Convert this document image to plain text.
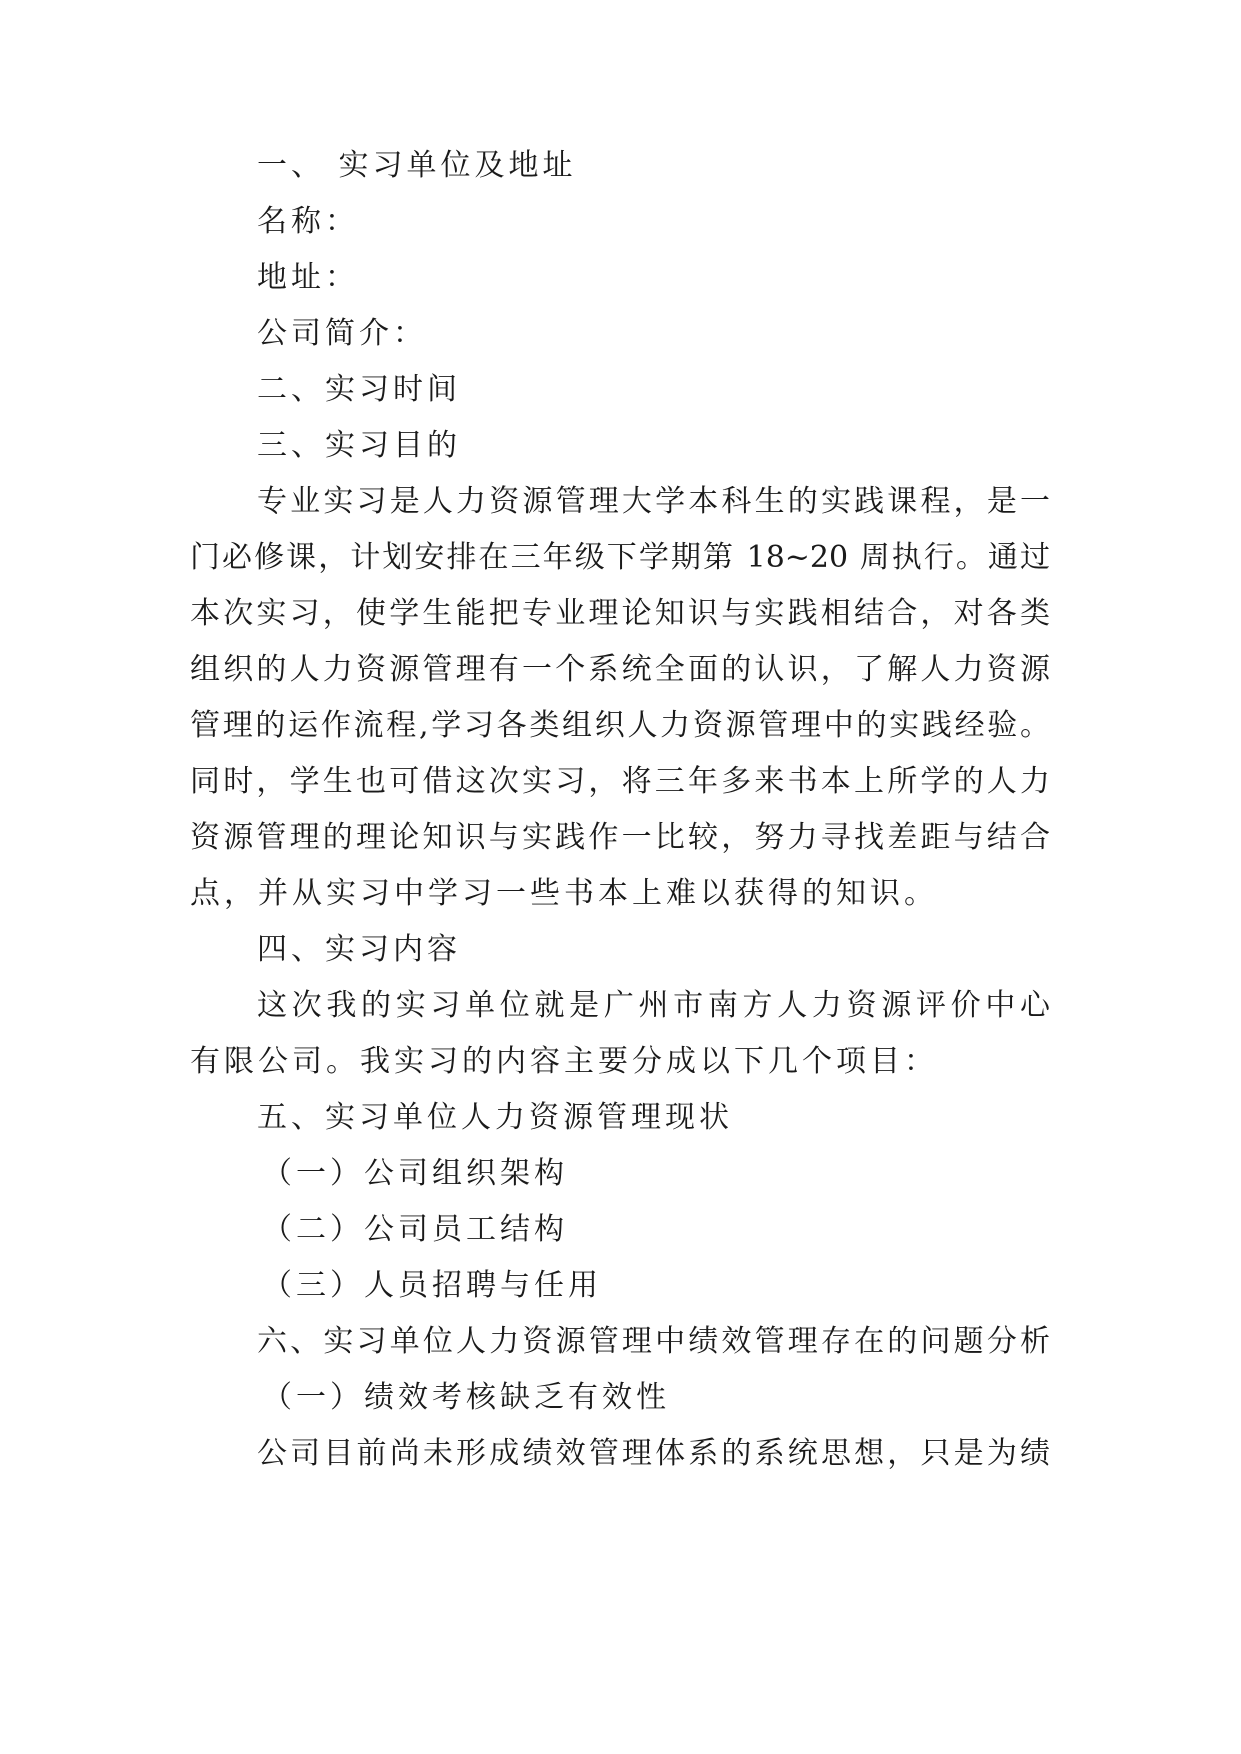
一、 实习单位及地址

名称：

地址：

公司简介：

二、实习时间

三、实习目的

专业实习是人力资源管理大学本科生的实践课程，是一

门必修课，计划安排在三年级下学期第 18~20 周执行。通过

本次实习，使学生能把专业理论知识与实践相结合，对各类

组织的人力资源管理有一个系统全面的认识，了解人力资源

管理的运作流程,学习各类组织人力资源管理中的实践经验。

同时，学生也可借这次实习，将三年多来书本上所学的人力

资源管理的理论知识与实践作一比较，努力寻找差距与结合

点，并从实习中学习一些书本上难以获得的知识。

四、实习内容

这次我的实习单位就是广州市南方人力资源评价中心

有限公司。我实习的内容主要分成以下几个项目：

五、实习单位人力资源管理现状

（一）公司组织架构

（二）公司员工结构

（三）人员招聘与任用

六、实习单位人力资源管理中绩效管理存在的问题分析

（一）绩效考核缺乏有效性

公司目前尚未形成绩效管理体系的系统思想，只是为绩
